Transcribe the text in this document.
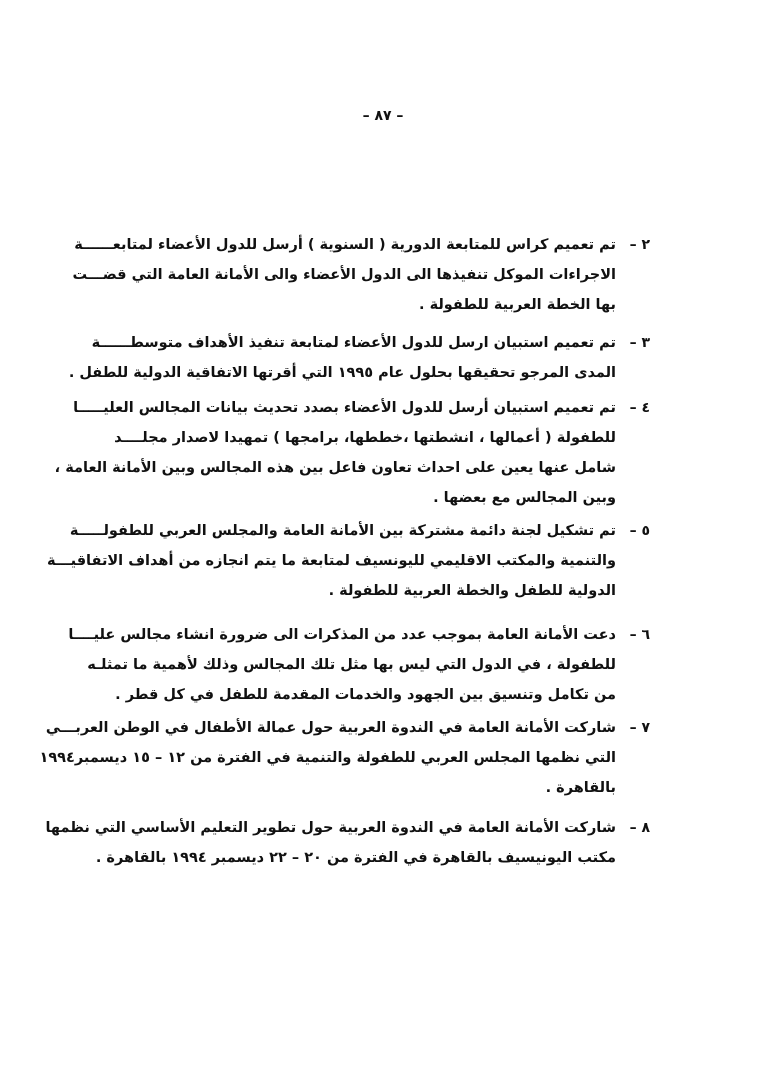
– ٨٧ –
٢ –
تم تعميم كراس للمتابعة الدورية ( السنوية ) أرسل للدول الأعضاء لمتابعــــــة
الاجراءات الموكل تنفيذها الى الدول الأعضاء والى الأمانة العامة التي قضـــت
بها الخطة العربية للطفولة .
٣ –
تم تعميم استبيان ارسل للدول الأعضاء لمتابعة تنفيذ الأهداف متوسطــــــة
المدى المرجو تحقيقها بحلول عام ١٩٩٥ التي أقرتها الاتفاقية الدولية للطفل .
٤ –
تم تعميم استبيان أرسل للدول الأعضاء بصدد تحديث بيانات المجالس العليـــــا
للطفولة ( أعمالها ، انشطتها ،خططها، برامجها ) تمهيدا لاصدار مجلــــد
شامل عنها يعين على احداث تعاون فاعل بين هذه المجالس وبين الأمانة العامة ،
وبين المجالس مع بعضها .
٥ –
تم تشكيل لجنة دائمة مشتركة بين الأمانة العامة والمجلس العربي للطفولـــــة
والتنمية والمكتب الاقليمي لليونسيف لمتابعة ما يتم انجازه من أهداف الاتفاقيـــة
الدولية للطفل والخطة العربية للطفولة .
٦ –
دعت الأمانة العامة بموجب عدد من المذكرات الى ضرورة انشاء مجالس عليــــا
للطفولة ، في الدول التي ليس بها مثل تلك المجالس وذلك لأهمية ما تمثلـه
من تكامل وتنسيق بين الجهود والخدمات المقدمة للطفل في كل قطر .
٧ –
شاركت الأمانة العامة في الندوة العربية حول عمالة الأطفال في الوطن العربـــي
التي نظمها المجلس العربي للطفولة والتنمية في الفترة من ١٢ – ١٥ ديسمبر١٩٩٤
بالقاهرة .
٨ –
شاركت الأمانة العامة في الندوة العربية حول تطوير التعليم الأساسي التي نظمها
مكتب اليونيسيف بالقاهرة في الفترة من ٢٠ – ٢٢ ديسمبر ١٩٩٤ بالقاهرة .
